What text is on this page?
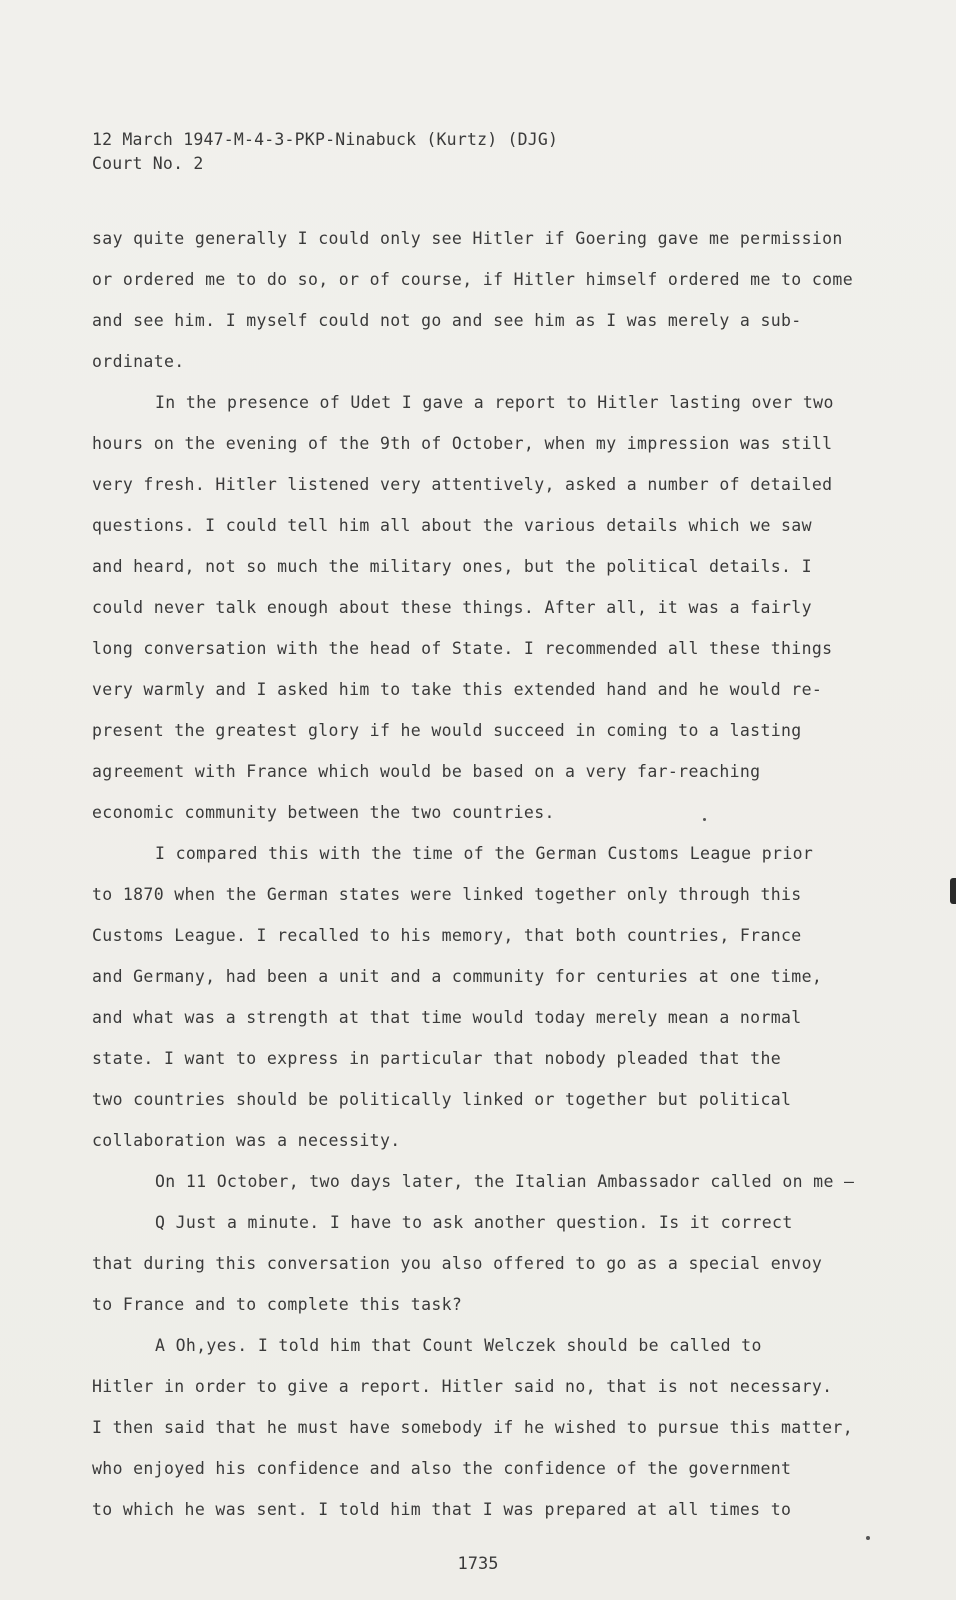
12 March 1947-M-4-3-PKP-Ninabuck (Kurtz) (DJG)
Court No. 2
say quite generally I could only see Hitler if Goering gave me permission
or ordered me to do so, or of course, if Hitler himself ordered me to come
and see him. I myself could not go and see him as I was merely a sub-
ordinate.
In the presence of Udet I gave a report to Hitler lasting over two
hours on the evening of the 9th of October, when my impression was still
very fresh. Hitler listened very attentively, asked a number of detailed
questions. I could tell him all about the various details which we saw
and heard, not so much the military ones, but the political details. I
could never talk enough about these things. After all, it was a fairly
long conversation with the head of State. I recommended all these things
very warmly and I asked him to take this extended hand and he would re-
present the greatest glory if he would succeed in coming to a lasting
agreement with France which would be based on a very far-reaching
economic community between the two countries.
I compared this with the time of the German Customs League prior
to 1870 when the German states were linked together only through this
Customs League. I recalled to his memory, that both countries, France
and Germany, had been a unit and a community for centuries at one time,
and what was a strength at that time would today merely mean a normal
state. I want to express in particular that nobody pleaded that the
two countries should be politically linked or together but political
collaboration was a necessity.
On 11 October, two days later, the Italian Ambassador called on me —
Q Just a minute. I have to ask another question. Is it correct
that during this conversation you also offered to go as a special envoy
to France and to complete this task?
A Oh,yes. I told him that Count Welczek should be called to
Hitler in order to give a report. Hitler said no, that is not necessary.
I then said that he must have somebody if he wished to pursue this matter,
who enjoyed his confidence and also the confidence of the government
to which he was sent. I told him that I was prepared at all times to
1735
